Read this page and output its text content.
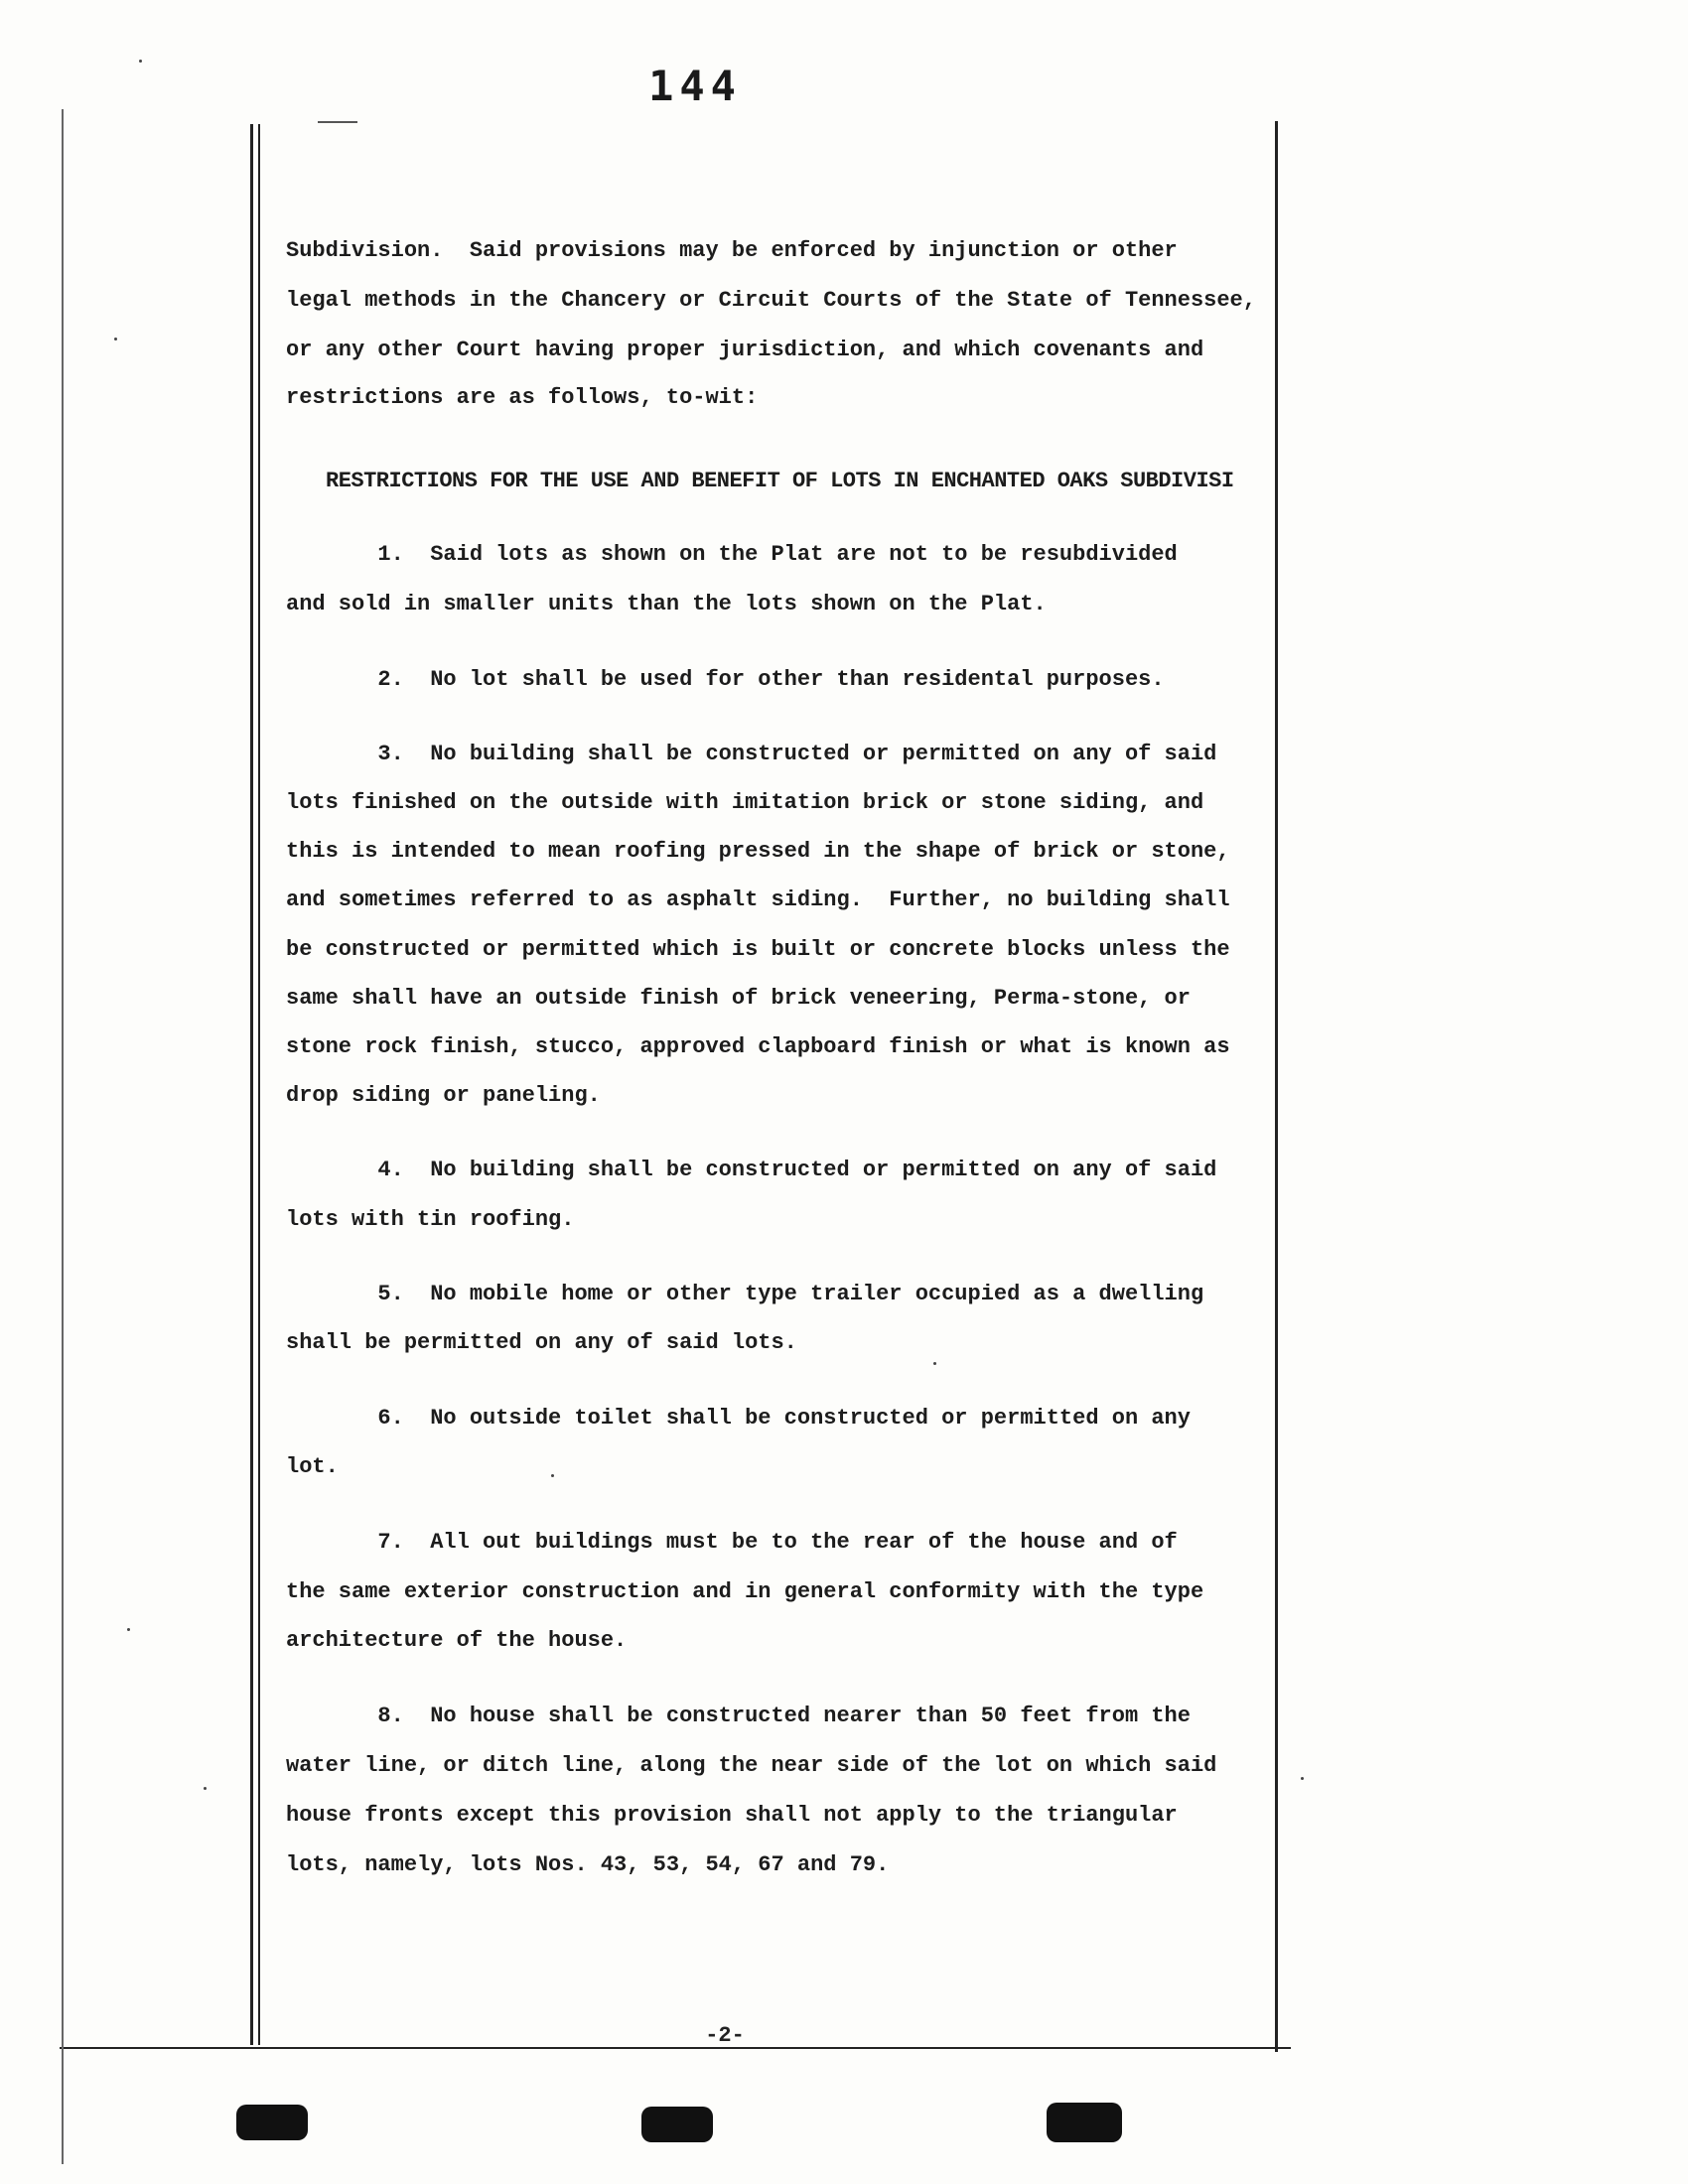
144
Subdivision.  Said provisions may be enforced by injunction or other
legal methods in the Chancery or Circuit Courts of the State of Tennessee,
or any other Court having proper jurisdiction, and which covenants and
restrictions are as follows, to-wit:
RESTRICTIONS FOR THE USE AND BENEFIT OF LOTS IN ENCHANTED OAKS SUBDIVISI
1.  Said lots as shown on the Plat are not to be resubdivided
and sold in smaller units than the lots shown on the Plat.
2.  No lot shall be used for other than residental purposes.
3.  No building shall be constructed or permitted on any of said
lots finished on the outside with imitation brick or stone siding, and
this is intended to mean roofing pressed in the shape of brick or stone,
and sometimes referred to as asphalt siding.  Further, no building shall
be constructed or permitted which is built or concrete blocks unless the
same shall have an outside finish of brick veneering, Perma-stone, or
stone rock finish, stucco, approved clapboard finish or what is known as
drop siding or paneling.
4.  No building shall be constructed or permitted on any of said
lots with tin roofing.
5.  No mobile home or other type trailer occupied as a dwelling
shall be permitted on any of said lots.
6.  No outside toilet shall be constructed or permitted on any
lot.
7.  All out buildings must be to the rear of the house and of
the same exterior construction and in general conformity with the type
architecture of the house.
8.  No house shall be constructed nearer than 50 feet from the
water line, or ditch line, along the near side of the lot on which said
house fronts except this provision shall not apply to the triangular
lots, namely, lots Nos. 43, 53, 54, 67 and 79.
-2-
